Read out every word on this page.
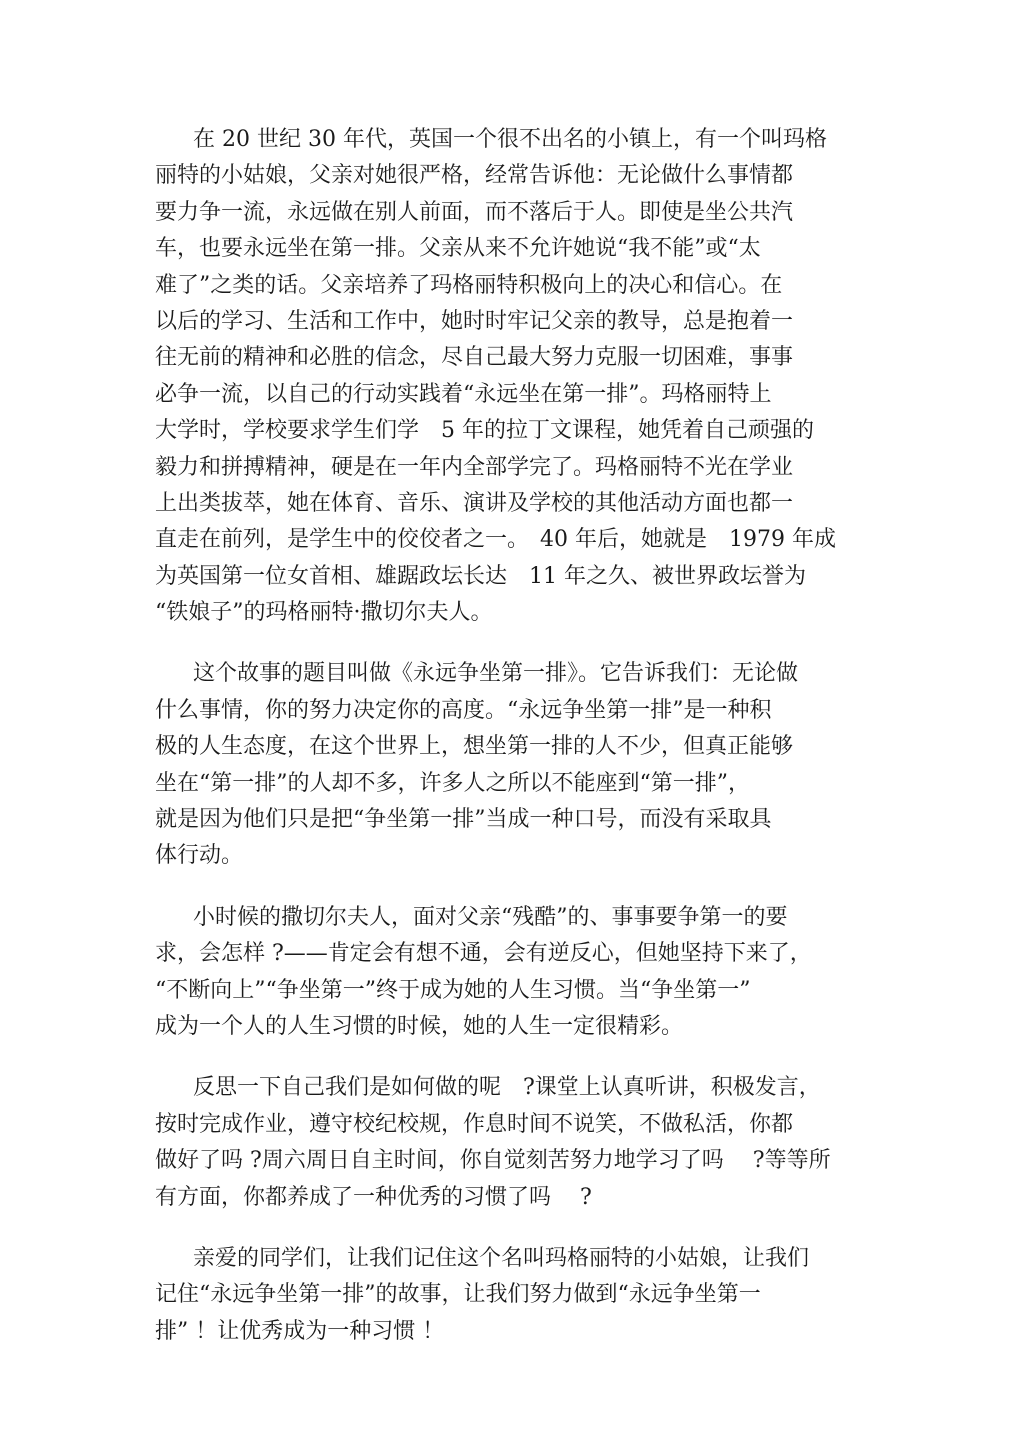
在 20 世纪 30 年代，英国一个很不出名的小镇上，有一个叫玛格
丽特的小姑娘，父亲对她很严格，经常告诉他：无论做什么事情都
要力争一流，永远做在别人前面，而不落后于人。即使是坐公共汽
车，也要永远坐在第一排。父亲从来不允许她说“我不能”或“太
难了”之类的话。父亲培养了玛格丽特积极向上的决心和信心。在
以后的学习、生活和工作中，她时时牢记父亲的教导，总是抱着一
往无前的精神和必胜的信念，尽自己最大努力克服一切困难，事事
必争一流，以自己的行动实践着“永远坐在第一排”。玛格丽特上
大学时，学校要求学生们学　5 年的拉丁文课程，她凭着自己顽强的
毅力和拼搏精神，硬是在一年内全部学完了。玛格丽特不光在学业
上出类拔萃，她在体育、音乐、演讲及学校的其他活动方面也都一
直走在前列，是学生中的佼佼者之一。　40 年后，她就是　1979 年成
为英国第一位女首相、雄踞政坛长达　11 年之久、被世界政坛誉为
“铁娘子”的玛格丽特·撒切尔夫人。
这个故事的题目叫做《永远争坐第一排》。它告诉我们：无论做
什么事情，你的努力决定你的高度。“永远争坐第一排”是一种积
极的人生态度，在这个世界上，想坐第一排的人不少，但真正能够
坐在“第一排”的人却不多，许多人之所以不能座到“第一排”，
就是因为他们只是把“争坐第一排”当成一种口号，而没有采取具
体行动。
小时候的撒切尔夫人，面对父亲“残酷”的、事事要争第一的要
求，会怎样 ?——肯定会有想不通，会有逆反心，但她坚持下来了，
“不断向上”“争坐第一”终于成为她的人生习惯。当“争坐第一”
成为一个人的人生习惯的时候，她的人生一定很精彩。
反思一下自己我们是如何做的呢　?课堂上认真听讲，积极发言，
按时完成作业，遵守校纪校规，作息时间不说笑，不做私活，你都
做好了吗 ?周六周日自主时间，你自觉刻苦努力地学习了吗　 ?等等所
有方面，你都养成了一种优秀的习惯了吗　 ?
亲爱的同学们，让我们记住这个名叫玛格丽特的小姑娘，让我们
记住“永远争坐第一排”的故事，让我们努力做到“永远争坐第一
排” ！让优秀成为一种习惯 ！
